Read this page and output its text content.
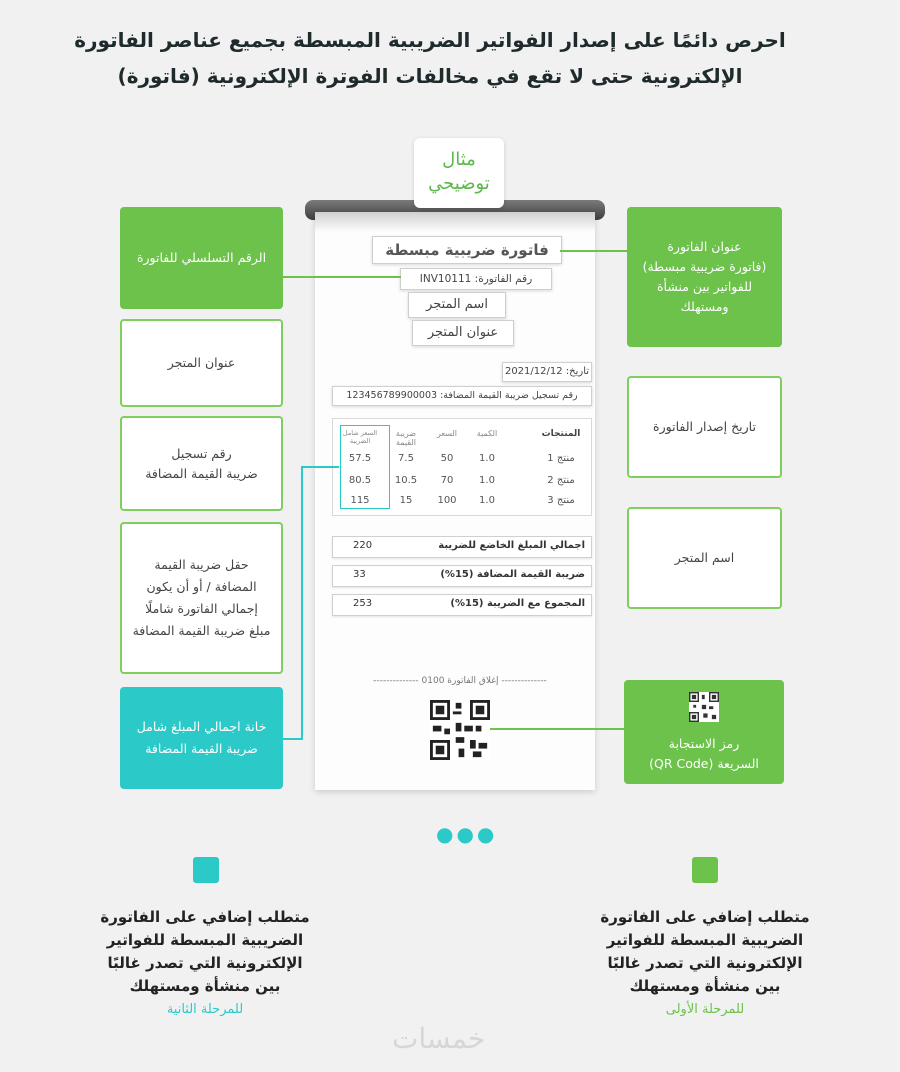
احرص دائمًا على إصدار الفواتير الضريبية المبسطة بجميع عناصر الفاتورة
الإلكترونية حتى لا تقع في مخالفات الفوترة الإلكترونية (فاتورة)
مثال
توضيحي
فاتورة ضريبية مبسطة
رقم الفاتورة: INV10111
اسم المتجر
عنوان المتجر
تاريخ: 2021/12/12
رقم تسجيل ضريبة القيمة المضافة: 123456789900003
المنتجات
الكمية
السعر
ضريبة القيمة
السعر شامل الضريبة
منتج 1
1.0
50
7.5
57.5
منتج 2
1.0
70
10.5
80.5
منتج 3
1.0
100
15
115
اجمالي المبلغ الخاضع للضريبة
220
ضريبة القيمة المضافة (15%)
33
المجموع مع الضريبة (15%)
253
-------------- إغلاق الفاتورة 0100 --------------
عنوان الفاتورة
(فاتورة ضريبية مبسطة)
للفواتير بين منشأة
ومستهلك
تاريخ إصدار الفاتورة
اسم المتجر
رمز الاستجابة
السريعة (QR Code)
الرقم التسلسلي للفاتورة
عنوان المتجر
رقم تسجيل
ضريبة القيمة المضافة
حقل ضريبة القيمة
المضافة / أو أن يكون
إجمالي الفاتورة شاملًا
مبلغ ضريبة القيمة المضافة
خانة اجمالي المبلغ شامل
ضريبة القيمة المضافة
●●●
متطلب إضافي على الفاتورة
الضريبية المبسطة للفواتير
الإلكترونية التي تصدر غالبًا
بين منشأة ومستهلك
للمرحلة الأولى
متطلب إضافي على الفاتورة
الضريبية المبسطة للفواتير
الإلكترونية التي تصدر غالبًا
بين منشأة ومستهلك
للمرحلة الثانية
خمسات
